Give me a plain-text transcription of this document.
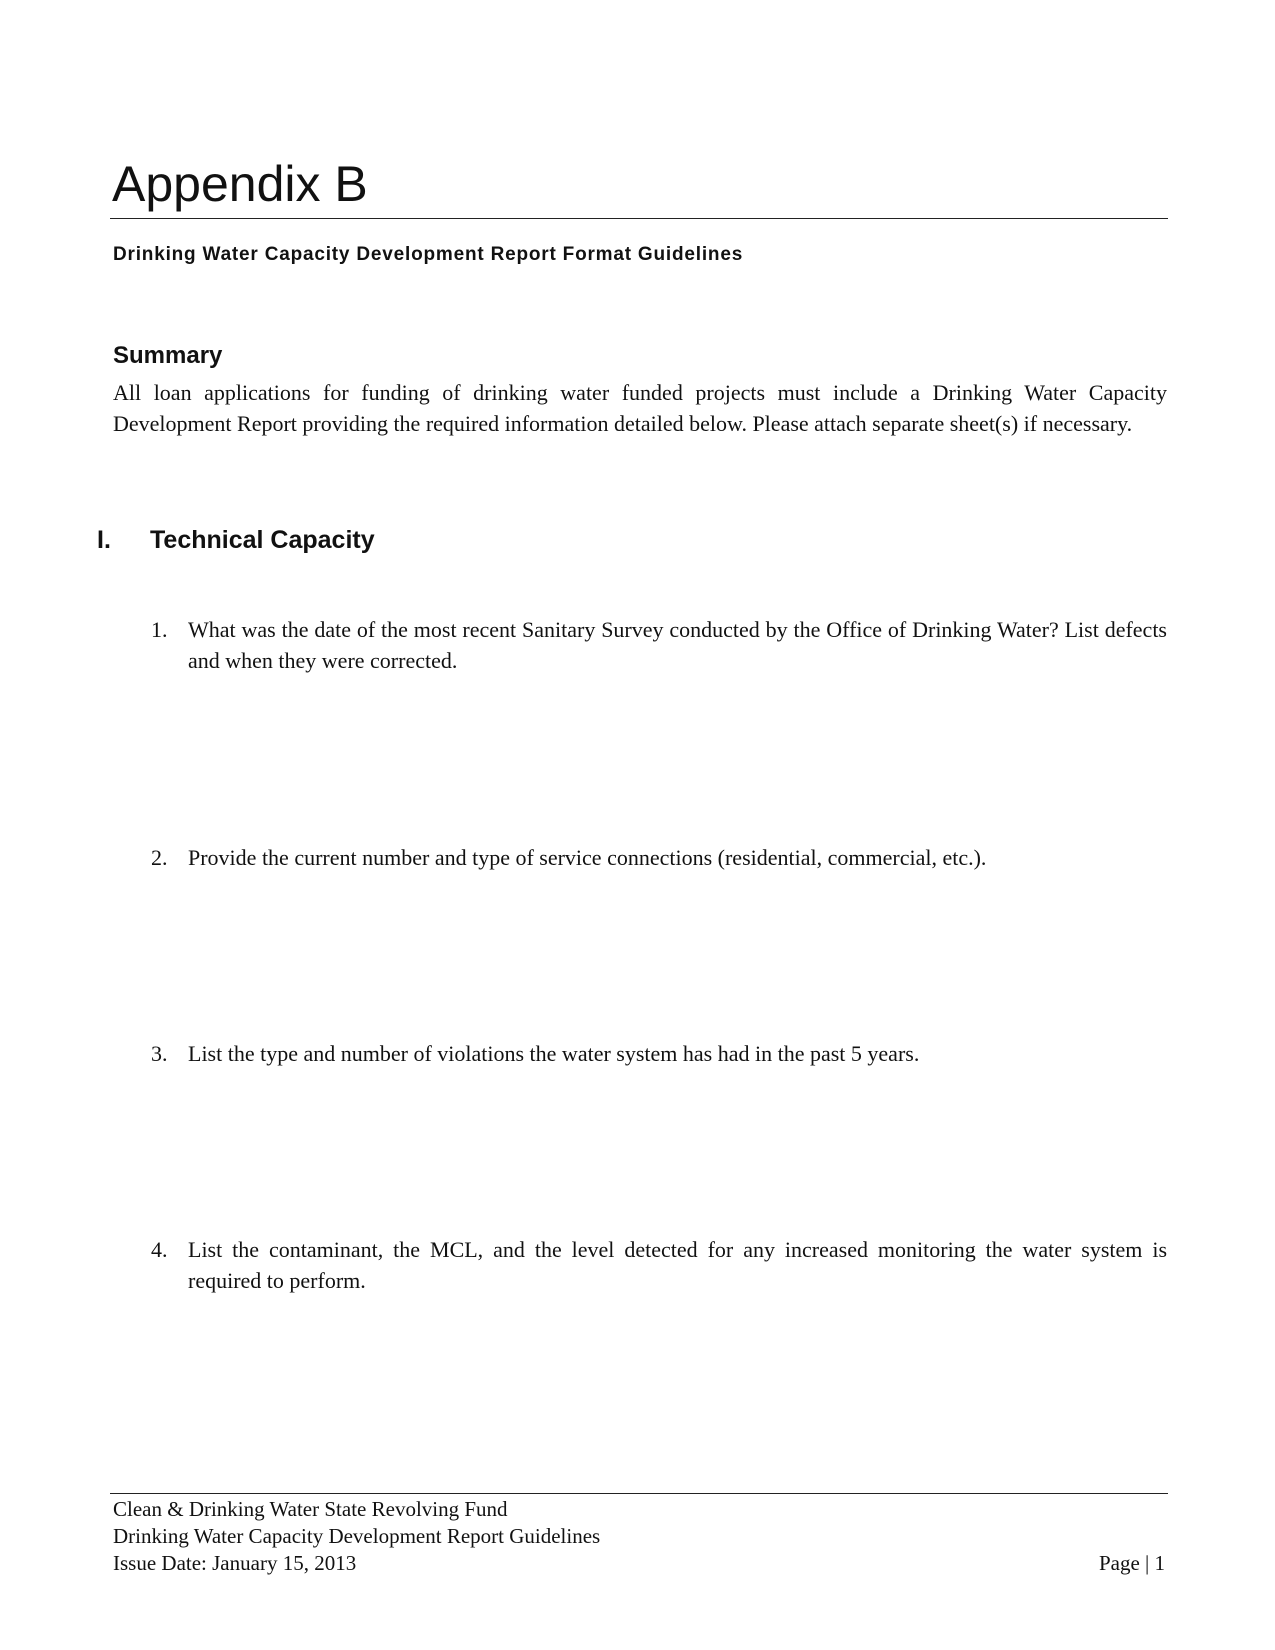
Appendix B
Drinking Water Capacity Development Report Format Guidelines
Summary
All loan applications for funding of drinking water funded projects must include a Drinking Water Capacity Development Report providing the required information detailed below. Please attach separate sheet(s) if necessary.
I. Technical Capacity
1. What was the date of the most recent Sanitary Survey conducted by the Office of Drinking Water? List defects and when they were corrected.
2. Provide the current number and type of service connections (residential, commercial, etc.).
3. List the type and number of violations the water system has had in the past 5 years.
4. List the contaminant, the MCL, and the level detected for any increased monitoring the water system is required to perform.
Clean & Drinking Water State Revolving Fund
Drinking Water Capacity Development Report Guidelines
Issue Date: January 15, 2013	Page | 1
